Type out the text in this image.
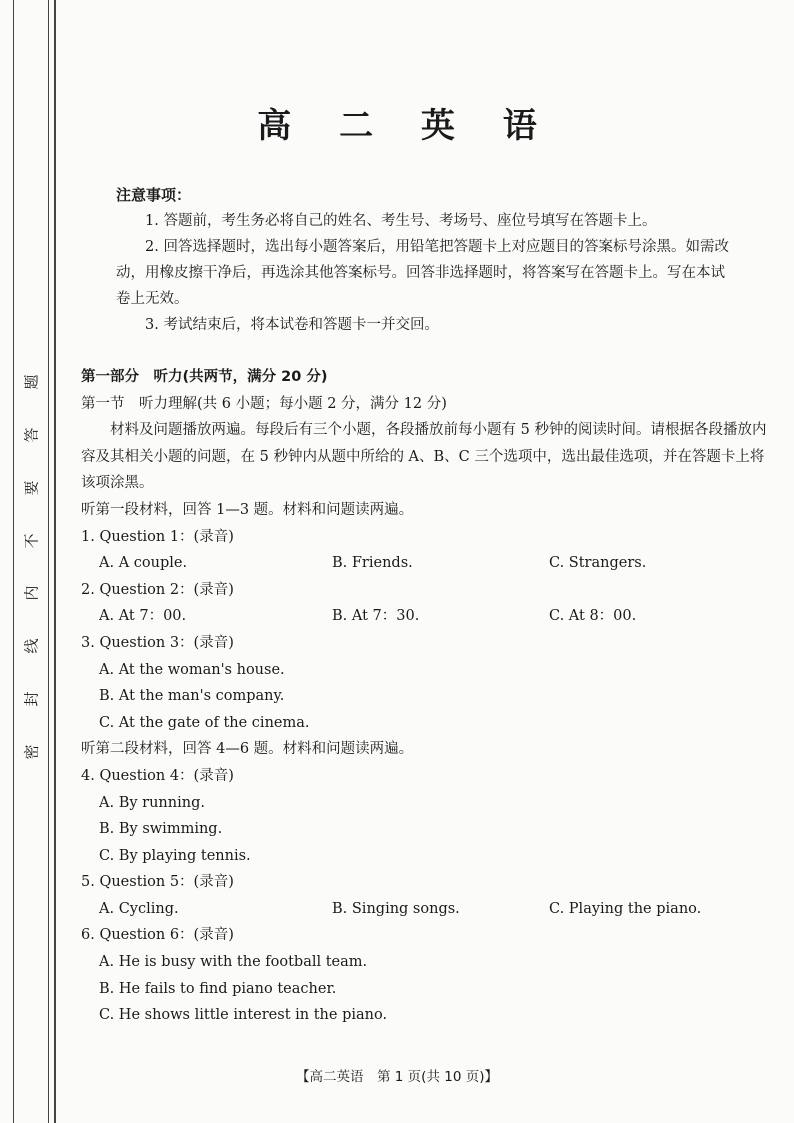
题
答
要
不
内
线
封
密
高 二 英 语

注意事项：

1. 答题前，考生务必将自己的姓名、考生号、考场号、座位号填写在答题卡上。

2. 回答选择题时，选出每小题答案后，用铅笔把答题卡上对应题目的答案标号涂黑。如需改动，用橡皮擦干净后，再选涂其他答案标号。回答非选择题时，将答案写在答题卡上。写在本试卷上无效。

3. 考试结束后，将本试卷和答题卡一并交回。

第一部分　听力(共两节，满分 20 分)

第一节　听力理解(共 6 小题；每小题 2 分，满分 12 分)

材料及问题播放两遍。每段后有三个小题，各段播放前每小题有 5 秒钟的阅读时间。请根据各段播放内容及其相关小题的问题，在 5 秒钟内从题中所给的 A、B、C 三个选项中，选出最佳选项，并在答题卡上将该项涂黑。

听第一段材料，回答 1—3 题。材料和问题读两遍。

1. Question 1：(录音)

A. A couple.	B. Friends.	C. Strangers.

2. Question 2：(录音)

A. At 7：00.	B. At 7：30.	C. At 8：00.

3. Question 3：(录音)

A. At the woman's house.

B. At the man's company.

C. At the gate of the cinema.

听第二段材料，回答 4—6 题。材料和问题读两遍。

4. Question 4：(录音)

A. By running.

B. By swimming.

C. By playing tennis.

5. Question 5：(录音)

A. Cycling.	B. Singing songs.	C. Playing the piano.

6. Question 6：(录音)

A. He is busy with the football team.

B. He fails to find piano teacher.

C. He shows little interest in the piano.

【高二英语　第 1 页(共 10 页)】
